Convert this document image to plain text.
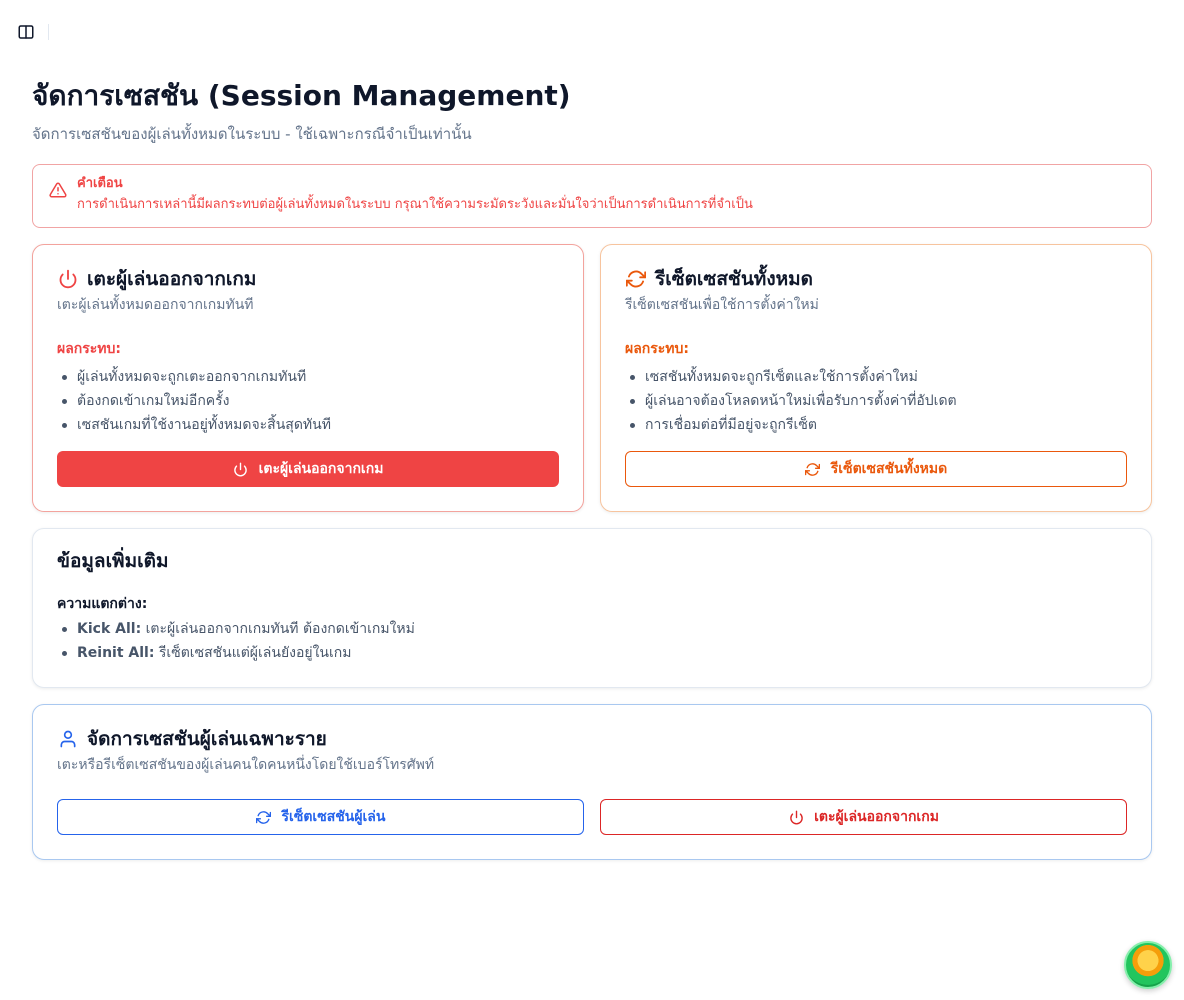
จัดการเซสชัน (Session Management)

จัดการเซสชันของผู้เล่นทั้งหมดในระบบ - ใช้เฉพาะกรณีจำเป็นเท่านั้น

คำเตือน
การดำเนินการเหล่านี้มีผลกระทบต่อผู้เล่นทั้งหมดในระบบ กรุณาใช้ความระมัดระวังและมั่นใจว่าเป็นการดำเนินการที่จำเป็น
เตะผู้เล่นออกจากเกม
เตะผู้เล่นทั้งหมดออกจากเกมทันที
ผลกระทบ:
ผู้เล่นทั้งหมดจะถูกเตะออกจากเกมทันที
ต้องกดเข้าเกมใหม่อีกครั้ง
เซสชันเกมที่ใช้งานอยู่ทั้งหมดจะสิ้นสุดทันที
เตะผู้เล่นออกจากเกม
รีเซ็ตเซสชันทั้งหมด
รีเซ็ตเซสชันเพื่อใช้การตั้งค่าใหม่
ผลกระทบ:
เซสชันทั้งหมดจะถูกรีเซ็ตและใช้การตั้งค่าใหม่
ผู้เล่นอาจต้องโหลดหน้าใหม่เพื่อรับการตั้งค่าที่อัปเดต
การเชื่อมต่อที่มีอยู่จะถูกรีเซ็ต
รีเซ็ตเซสชันทั้งหมด
ข้อมูลเพิ่มเติม
ความแตกต่าง:
Kick All: เตะผู้เล่นออกจากเกมทันที ต้องกดเข้าเกมใหม่
Reinit All: รีเซ็ตเซสชันแต่ผู้เล่นยังอยู่ในเกม
จัดการเซสชันผู้เล่นเฉพาะราย
เตะหรือรีเซ็ตเซสชันของผู้เล่นคนใดคนหนึ่งโดยใช้เบอร์โทรศัพท์
รีเซ็ตเซสชันผู้เล่น	เตะผู้เล่นออกจากเกม
